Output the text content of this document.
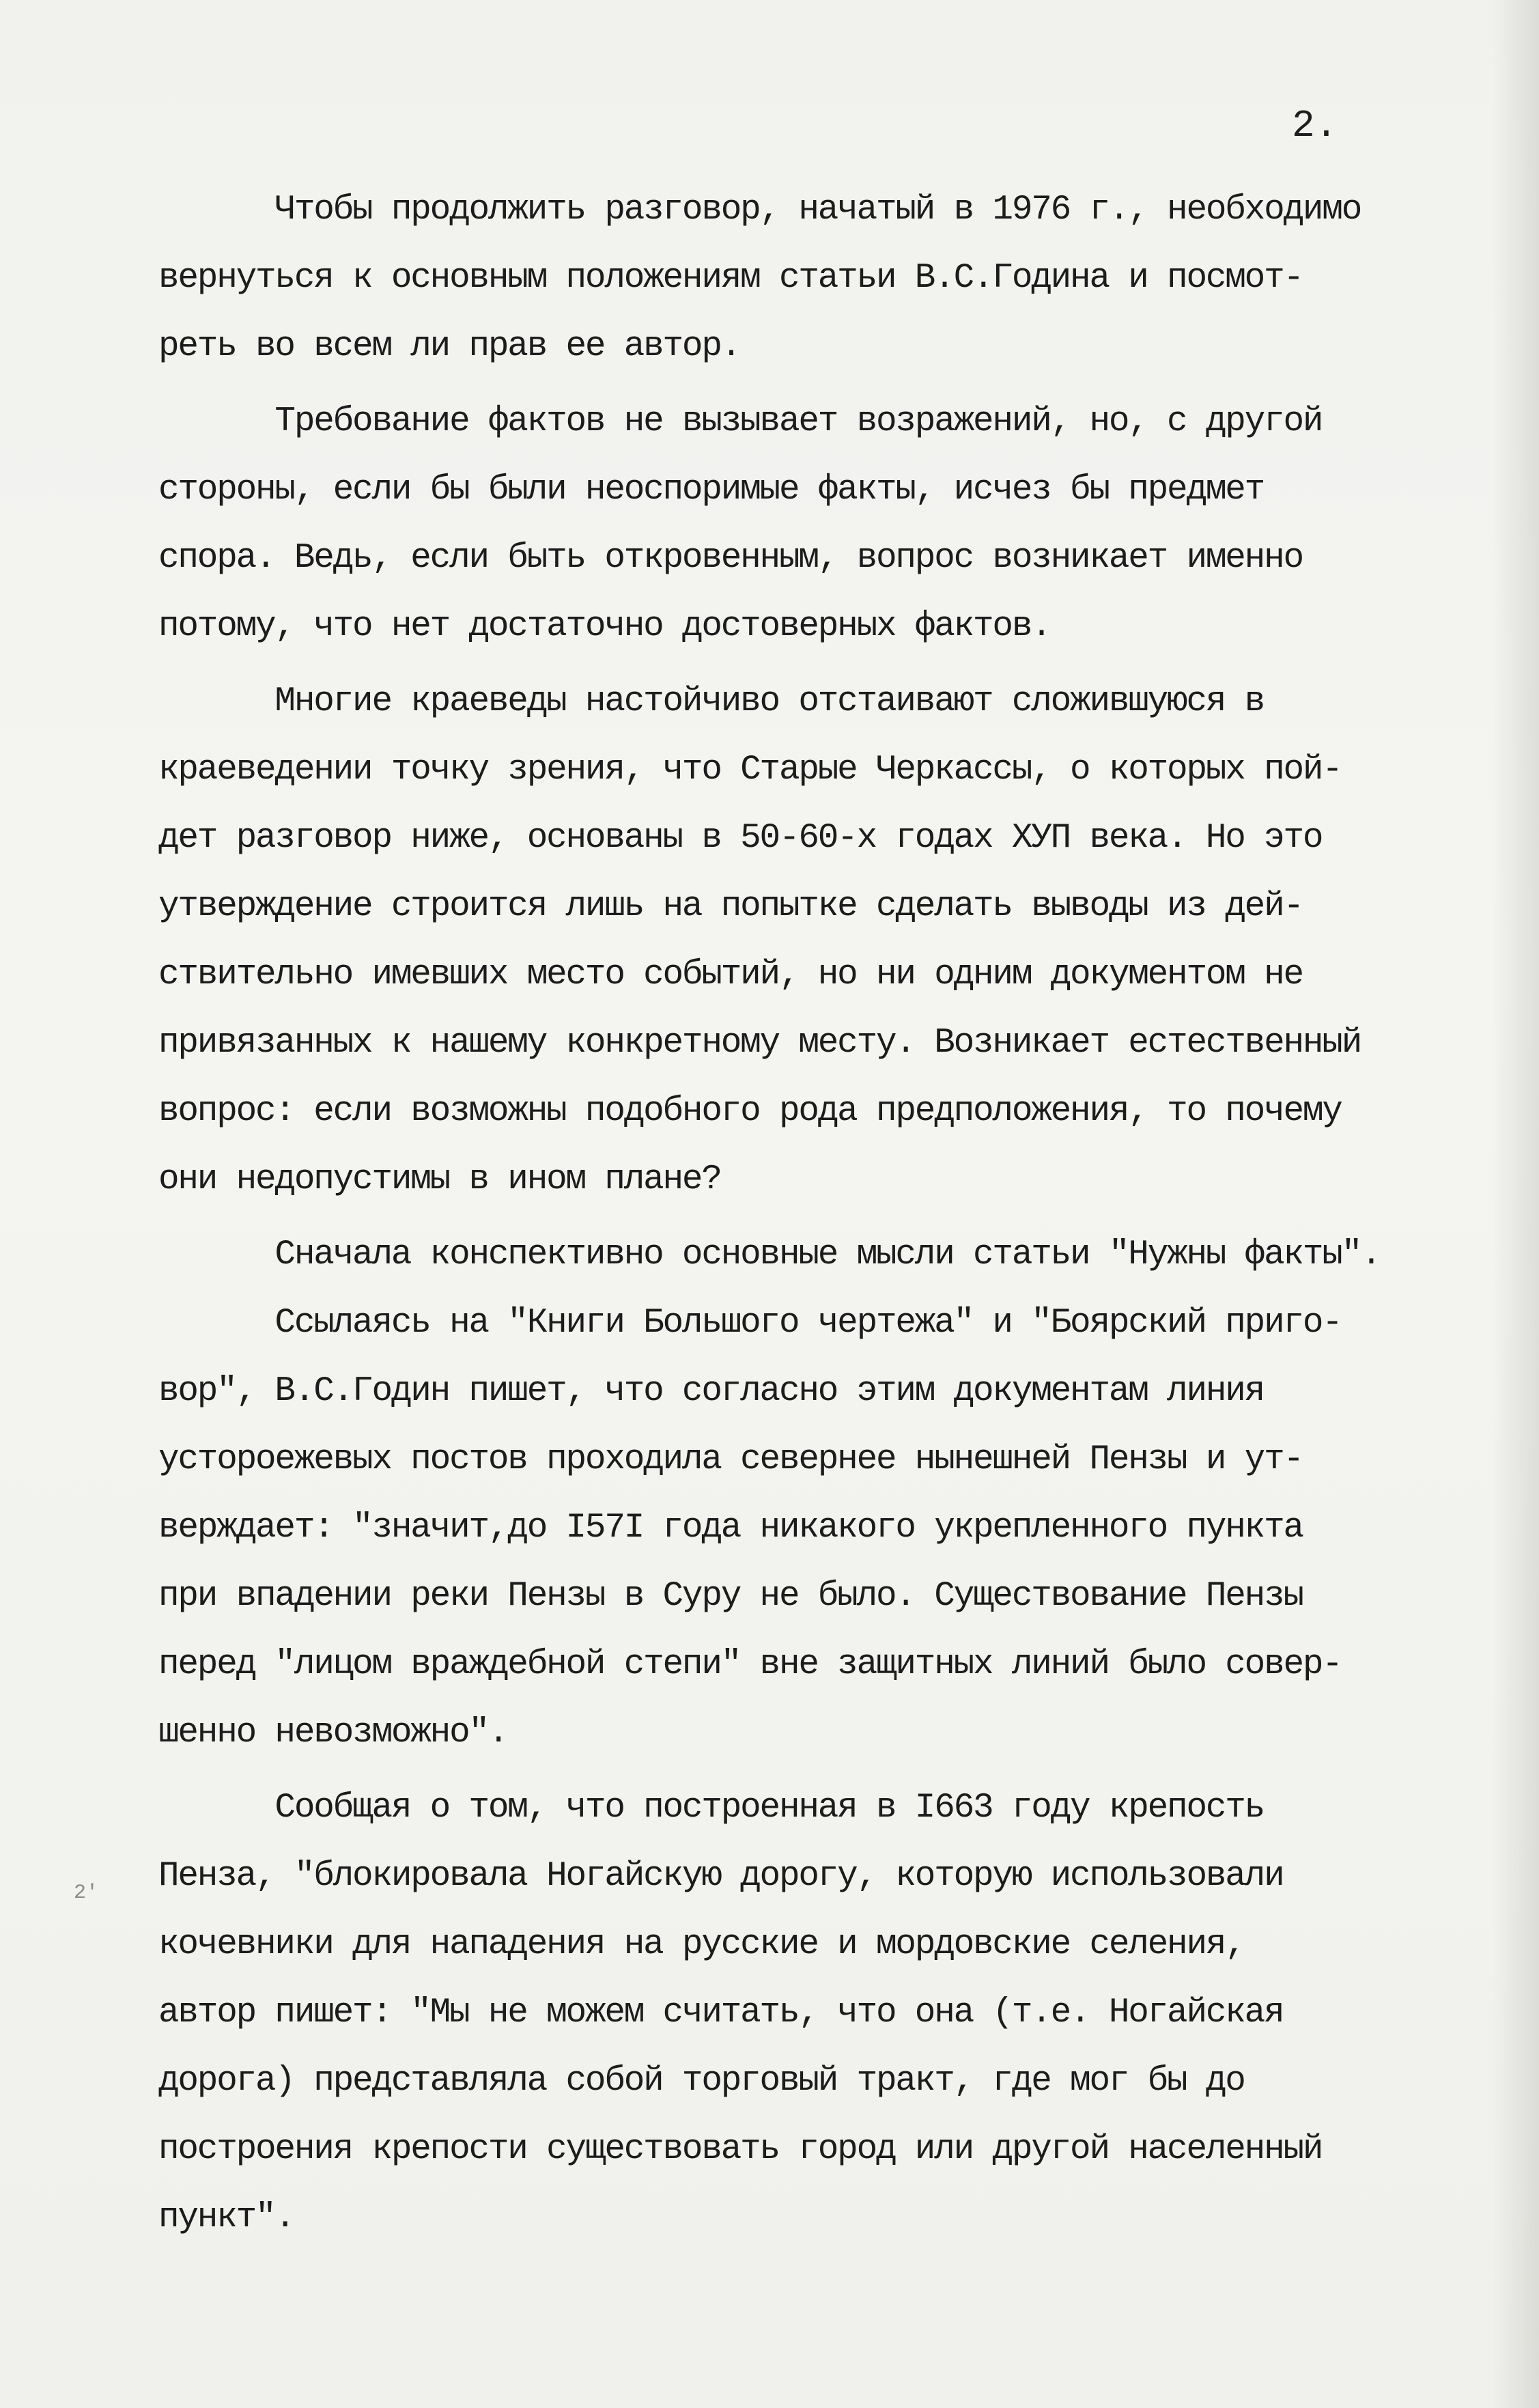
2.
2'
Чтобы продолжить разговор, начатый в 1976 г., необходимо
вернуться к основным положениям статьи В.С.Година и посмот-
реть во всем ли прав ее автор.
Требование фактов не вызывает возражений, но, с другой
стороны, если бы были неоспоримые факты, исчез бы предмет
спора. Ведь, если быть откровенным, вопрос возникает именно
потому, что нет достаточно достоверных фактов.
Многие краеведы настойчиво отстаивают сложившуюся в
краеведении точку зрения, что Старые Черкассы, о которых пой-
дет разговор ниже, основаны в 50-60-х годах ХУП века. Но это
утверждение строится лишь на попытке сделать выводы из дей-
ствительно имевших место событий, но ни одним документом не
привязанных к нашему конкретному месту. Возникает естественный
вопрос: если возможны подобного рода предположения, то почему
они недопустимы в ином плане?
Сначала конспективно основные мысли статьи "Нужны факты".
Ссылаясь на "Книги Большого чертежа" и "Боярский приго-
вор", В.С.Годин пишет, что согласно этим документам линия
устороежевых постов проходила севернее нынешней Пензы и ут-
верждает: "значит,до I57I года никакого укрепленного пункта
при впадении реки Пензы в Суру не было. Существование Пензы
перед "лицом враждебной степи" вне защитных линий было совер-
шенно невозможно".
Сообщая о том, что построенная в I663 году крепость
Пенза, "блокировала Ногайскую дорогу, которую использовали
кочевники для нападения на русские и мордовские селения,
автор пишет: "Мы не можем считать, что она (т.е. Ногайская
дорога) представляла собой торговый тракт, где мог бы до
построения крепости существовать город или другой населенный
пункт".
